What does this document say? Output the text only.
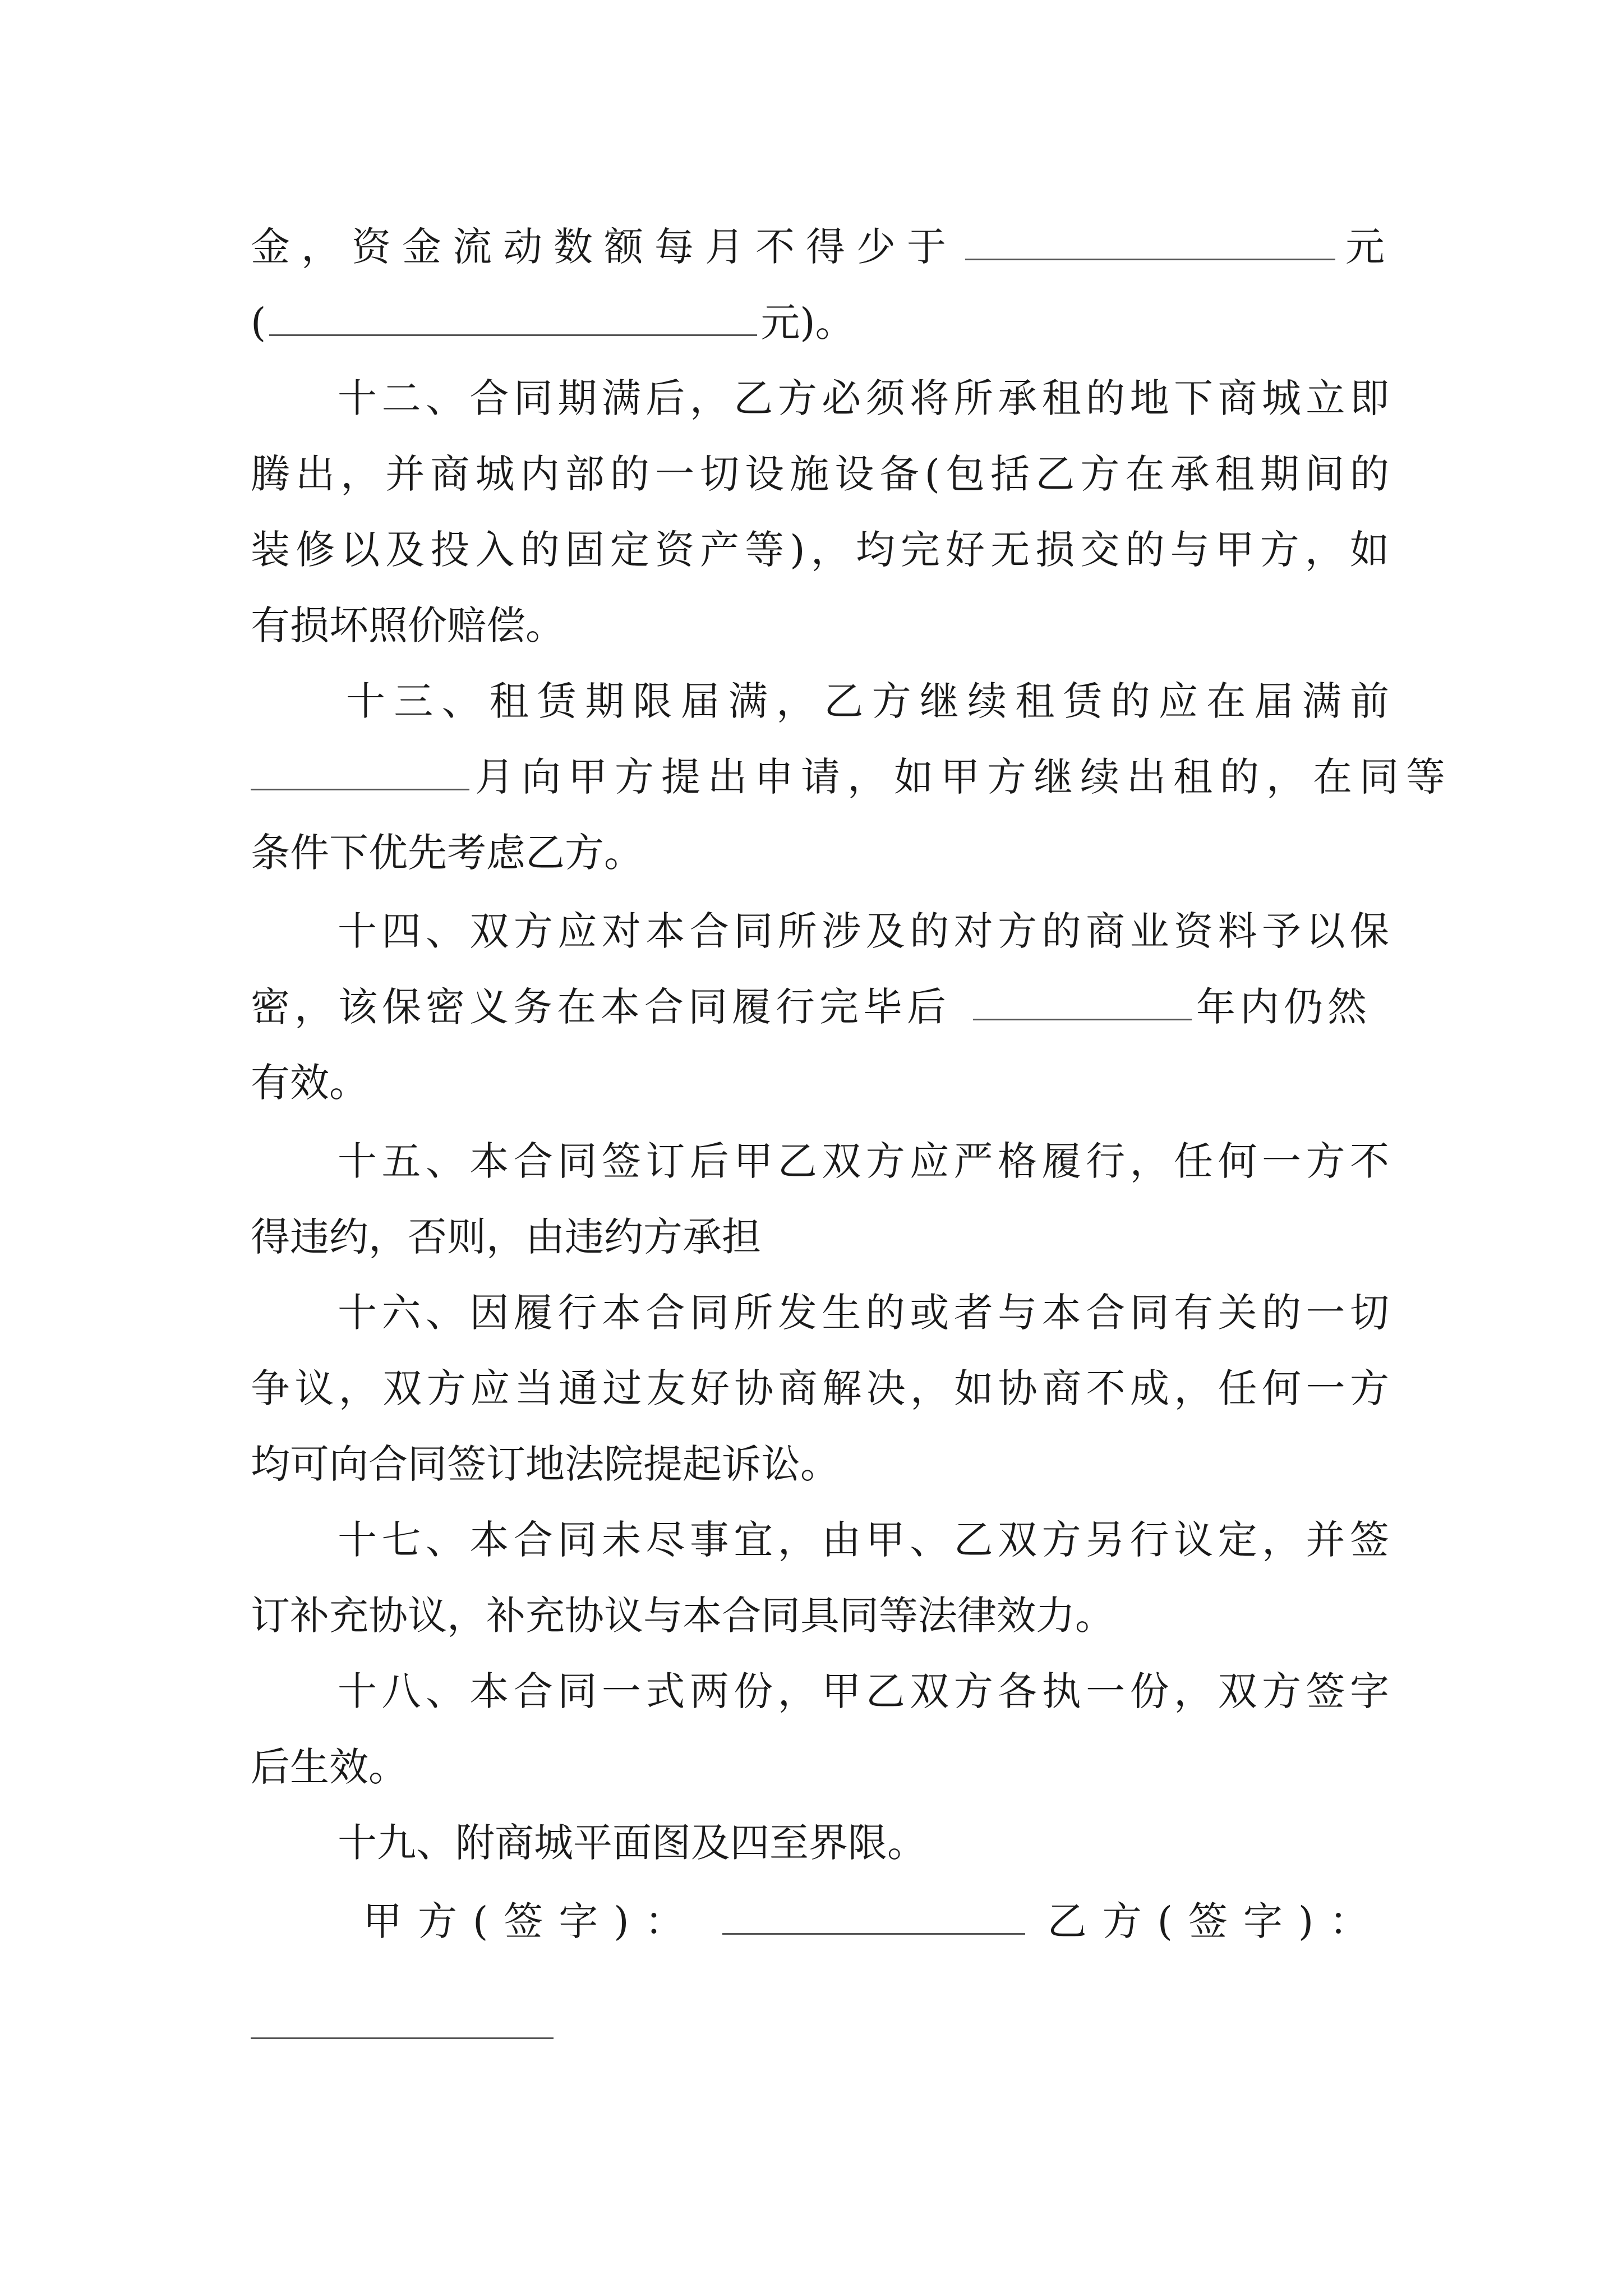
金，资金流动数额每月不得少于	元
(	元)。
十二、合同期满后，乙方必须将所承租的地下商城立即
腾出，并商城内部的一切设施设备(包括乙方在承租期间的
装修以及投入的固定资产等)，均完好无损交的与甲方，如
有损坏照价赔偿。
十三、租赁期限届满，乙方继续租赁的应在届满前
月向甲方提出申请，如甲方继续出租的，在同等
条件下优先考虑乙方。
十四、双方应对本合同所涉及的对方的商业资料予以保
密，该保密义务在本合同履行完毕后	年内仍然
有效。
十五、本合同签订后甲乙双方应严格履行，任何一方不
得违约，否则，由违约方承担
十六、因履行本合同所发生的或者与本合同有关的一切
争议，双方应当通过友好协商解决，如协商不成，任何一方
均可向合同签订地法院提起诉讼。
十七、本合同未尽事宜，由甲、乙双方另行议定，并签
订补充协议，补充协议与本合同具同等法律效力。
十八、本合同一式两份，甲乙双方各执一份，双方签字
后生效。
十九、附商城平面图及四至界限。
甲方(签字)：	乙方(签字)：
